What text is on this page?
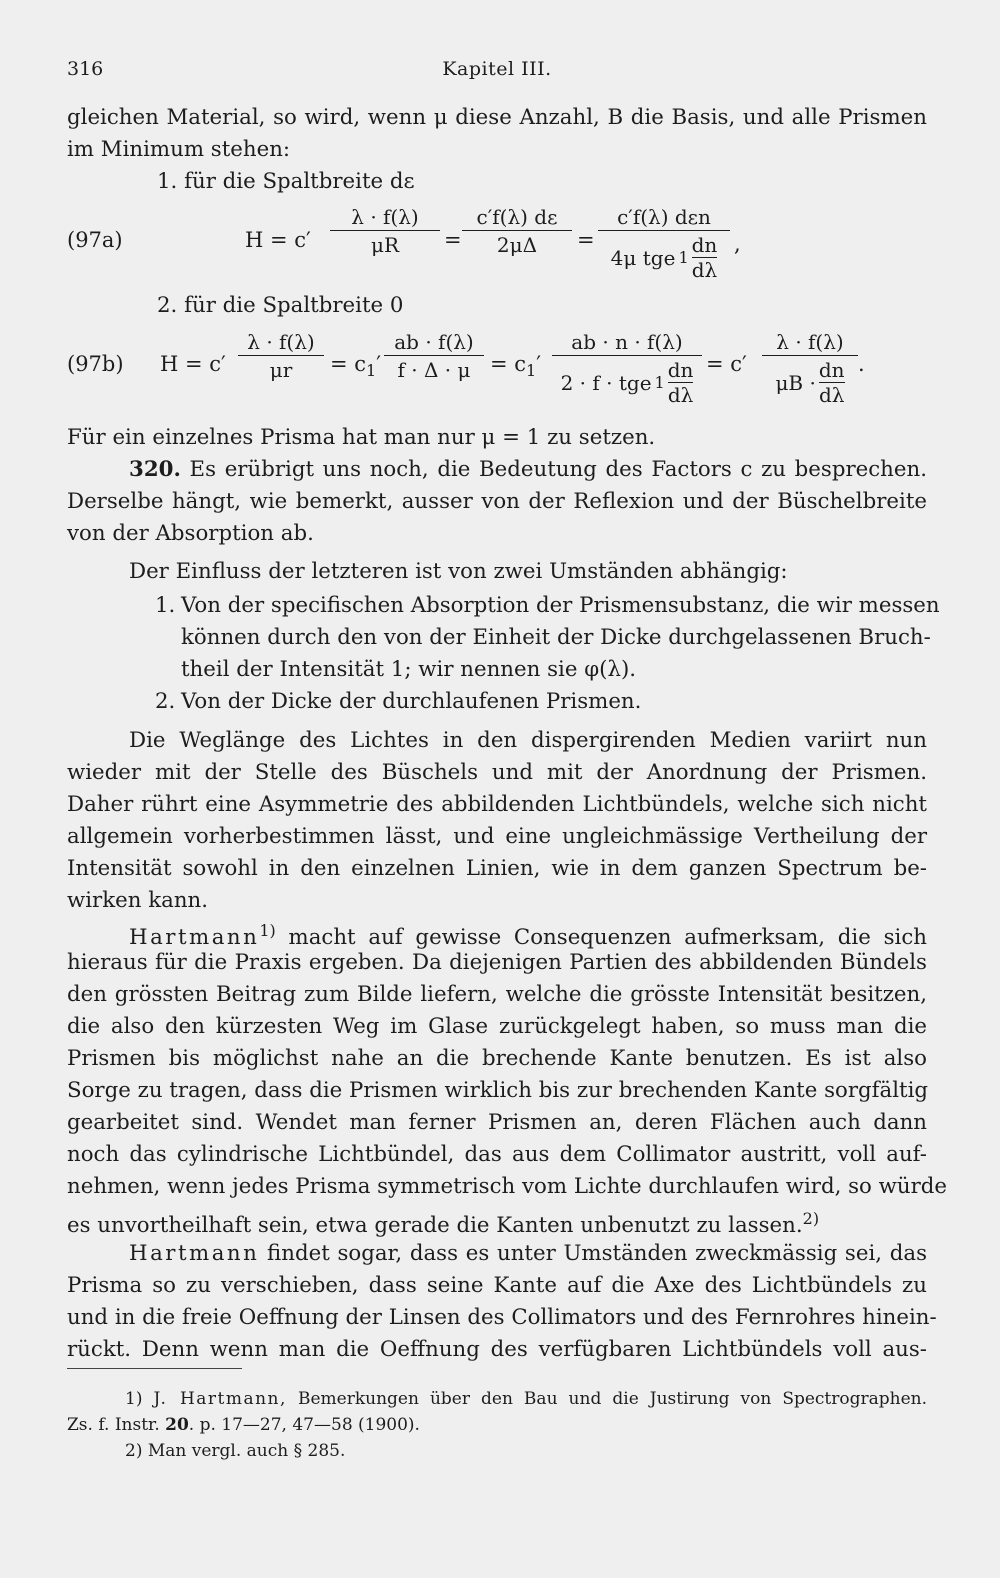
316	Kapitel III.
gleichen Material, so wird, wenn μ diese Anzahl, B die Basis, und alle Prismen
im Minimum stehen:
1. für die Spaltbreite dε
(97a)	$H = c' \frac{\lambda \cdot f(\lambda)}{\mu R} = \frac{c'f(\lambda) d\varepsilon}{2\mu\Delta}$ =
c′f(λ) dεn
4μ tge 1
dn
dλ
,
2. für die Spaltbreite 0
(97b) $H = c' \frac{\lambda \cdot f(\lambda)}{\mu r} = c_1' \frac{ab \cdot f(\lambda)}{f \cdot \Delta \cdot \mu} = c_1'$
ab · n · f(λ)
2 · f · tge 1
dn
dλ
= c′ λ · f(λ)
μB ·
dn
dλ .
Für ein einzelnes Prisma hat man nur μ = 1 zu setzen.
320. Es erübrigt uns noch, die Bedeutung des Factors c zu besprechen.
Derselbe hängt, wie bemerkt, ausser von der Reflexion und der Büschelbreite
von der Absorption ab.
Der Einfluss der letzteren ist von zwei Umständen abhängig:
1. Von der specifischen Absorption der Prismensubstanz, die wir messen
können durch den von der Einheit der Dicke durchgelassenen Bruch-
theil der Intensität 1; wir nennen sie φ(λ).
2. Von der Dicke der durchlaufenen Prismen.
Die Weglänge des Lichtes in den dispergirenden Medien variirt nun
wieder mit der Stelle des Büschels und mit der Anordnung der Prismen.
Daher rührt eine Asymmetrie des abbildenden Lichtbündels, welche sich nicht
allgemein vorherbestimmen lässt, und eine ungleichmässige Vertheilung der
Intensität sowohl in den einzelnen Linien, wie in dem ganzen Spectrum be-
wirken kann.
Hartmann$^{1)}$ macht auf gewisse Consequenzen aufmerksam, die sich
hieraus für die Praxis ergeben. Da diejenigen Partien des abbildenden Bündels
den grössten Beitrag zum Bilde liefern, welche die grösste Intensität besitzen,
die also den kürzesten Weg im Glase zurückgelegt haben, so muss man die
Prismen bis möglichst nahe an die brechende Kante benutzen. Es ist also
Sorge zu tragen, dass die Prismen wirklich bis zur brechenden Kante sorgfältig
gearbeitet sind. Wendet man ferner Prismen an, deren Flächen auch dann
noch das cylindrische Lichtbündel, das aus dem Collimator austritt, voll auf-
nehmen, wenn jedes Prisma symmetrisch vom Lichte durchlaufen wird, so würde
es unvortheilhaft sein, etwa gerade die Kanten unbenutzt zu lassen.$^{2)}$
Hartmann findet sogar, dass es unter Umständen zweckmässig sei, das
Prisma so zu verschieben, dass seine Kante auf die Axe des Lichtbündels zu
und in die freie Oeffnung der Linsen des Collimators und des Fernrohres hinein-
rückt. Denn wenn man die Oeffnung des verfügbaren Lichtbündels voll aus-
1) J. Hartmann, Bemerkungen über den Bau und die Justirung von Spectrographen.
Zs. f. Instr. 20. p. 17—27, 47—58 (1900).
2) Man vergl. auch § 285.
